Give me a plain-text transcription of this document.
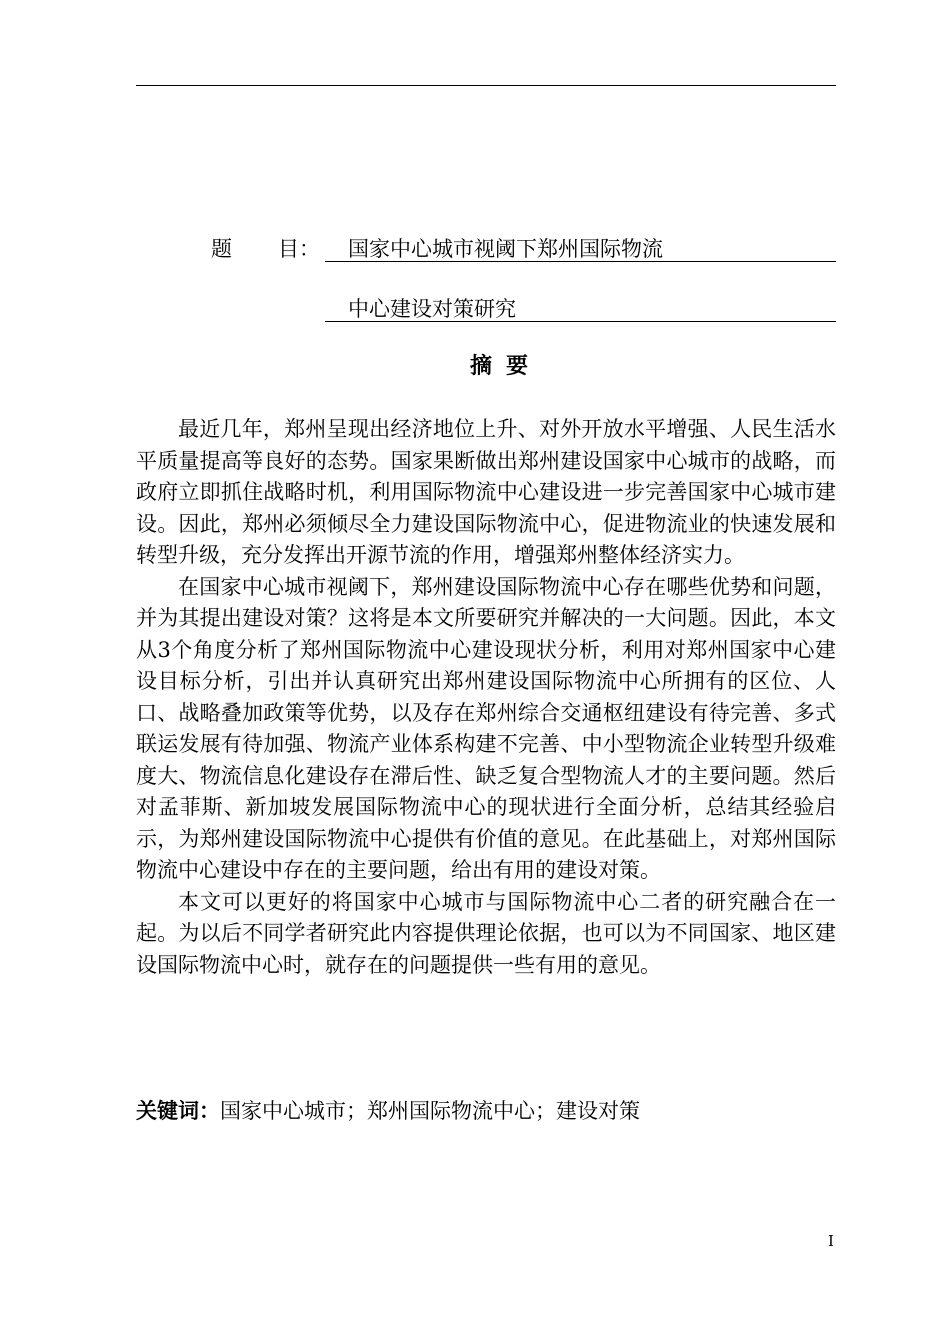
题 目： 国家中心城市视阈下郑州国际物流
中心建设对策研究
摘要

最近几年，郑州呈现出经济地位上升、对外开放水平增强、人民生活水平质量提高等良好的态势。国家果断做出郑州建设国家中心城市的战略，而政府立即抓住战略时机，利用国际物流中心建设进一步完善国家中心城市建设。因此，郑州必须倾尽全力建设国际物流中心，促进物流业的快速发展和转型升级，充分发挥出开源节流的作用，增强郑州整体经济实力。

在国家中心城市视阈下，郑州建设国际物流中心存在哪些优势和问题，并为其提出建设对策？这将是本文所要研究并解决的一大问题。因此，本文从3个角度分析了郑州国际物流中心建设现状分析，利用对郑州国家中心建设目标分析，引出并认真研究出郑州建设国际物流中心所拥有的区位、人口、战略叠加政策等优势，以及存在郑州综合交通枢纽建设有待完善、多式联运发展有待加强、物流产业体系构建不完善、中小型物流企业转型升级难度大、物流信息化建设存在滞后性、缺乏复合型物流人才的主要问题。然后对孟菲斯、新加坡发展国际物流中心的现状进行全面分析，总结其经验启示，为郑州建设国际物流中心提供有价值的意见。在此基础上，对郑州国际物流中心建设中存在的主要问题，给出有用的建设对策。

本文可以更好的将国家中心城市与国际物流中心二者的研究融合在一起。为以后不同学者研究此内容提供理论依据，也可以为不同国家、地区建设国际物流中心时，就存在的问题提供一些有用的意见。

关键词：国家中心城市；郑州国际物流中心；建设对策
I
